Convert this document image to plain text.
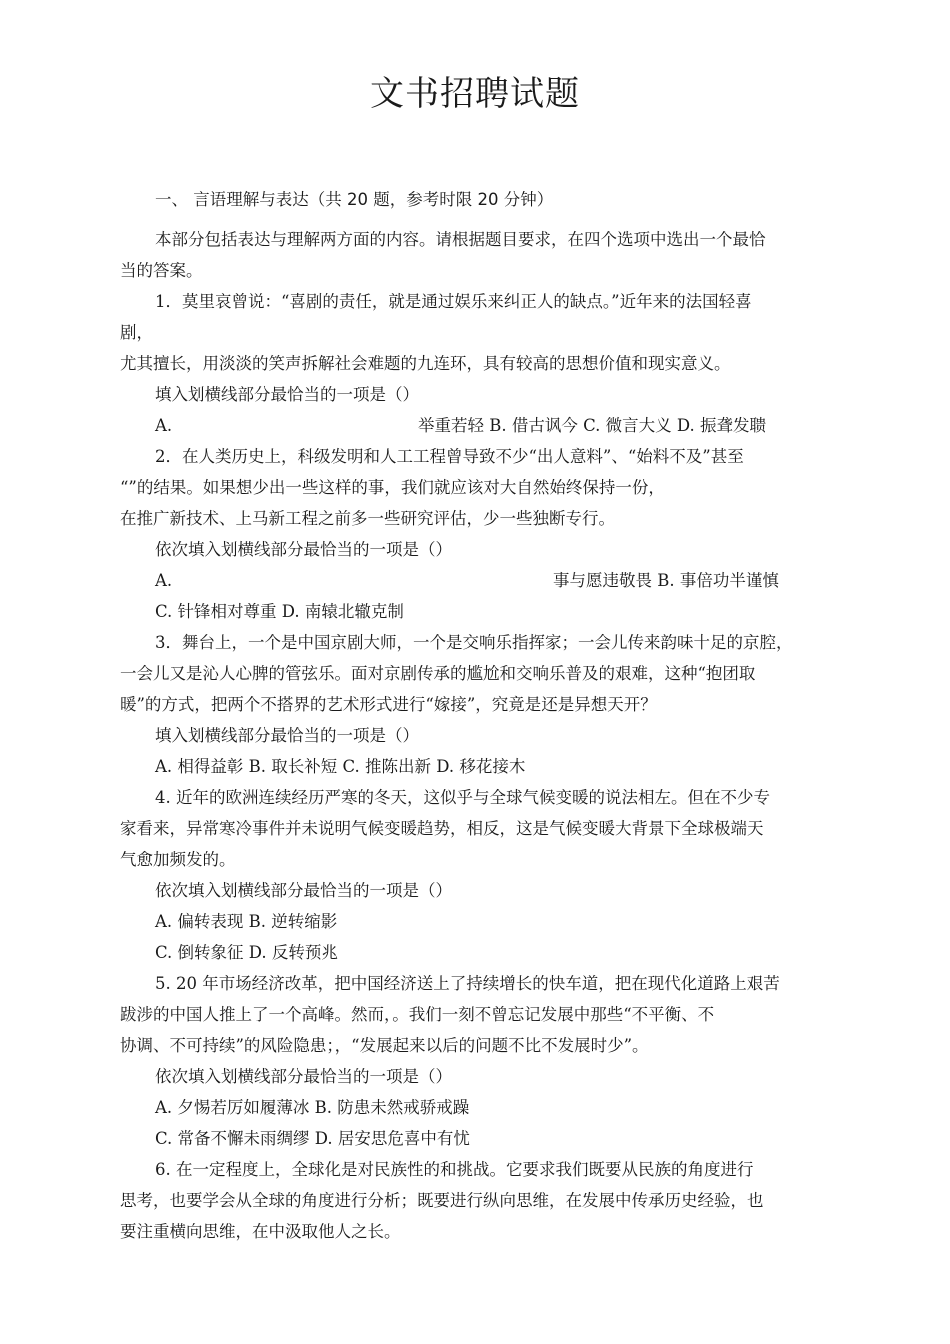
文书招聘试题
一、 言语理解与表达（共 20 题，参考时限 20 分钟）
本部分包括表达与理解两方面的内容。请根据题目要求，在四个选项中选出一个最恰
当的答案。
1．莫里哀曾说：“喜剧的责任，就是通过娱乐来纠正人的缺点。”近年来的法国轻喜
剧，
尤其擅长，用淡淡的笑声拆解社会难题的九连环，具有较高的思想价值和现实意义。
填入划横线部分最恰当的一项是（）
A.	举重若轻 B. 借古讽今 C. 微言大义 D. 振聋发聩
2．在人类历史上，科级发明和人工工程曾导致不少“出人意料”、“始料不及”甚至
“”的结果。如果想少出一些这样的事，我们就应该对大自然始终保持一份，
在推广新技术、上马新工程之前多一些研究评估，少一些独断专行。
依次填入划横线部分最恰当的一项是（）
A.	事与愿违敬畏 B. 事倍功半谨慎
C. 针锋相对尊重 D. 南辕北辙克制
3．舞台上，一个是中国京剧大师，一个是交响乐指挥家；一会儿传来韵味十足的京腔，
一会儿又是沁人心脾的管弦乐。面对京剧传承的尴尬和交响乐普及的艰难，这种“抱团取
暖”的方式，把两个不搭界的艺术形式进行“嫁接”，究竟是还是异想天开？
填入划横线部分最恰当的一项是（）
A. 相得益彰 B. 取长补短 C. 推陈出新 D. 移花接木
4. 近年的欧洲连续经历严寒的冬天，这似乎与全球气候变暖的说法相左。但在不少专
家看来，异常寒冷事件并未说明气候变暖趋势，相反，这是气候变暖大背景下全球极端天
气愈加频发的。
依次填入划横线部分最恰当的一项是（）
A. 偏转表现 B. 逆转缩影
C. 倒转象征 D. 反转预兆
5. 20 年市场经济改革，把中国经济送上了持续增长的快车道，把在现代化道路上艰苦
跋涉的中国人推上了一个高峰。然而，。我们一刻不曾忘记发展中那些“不平衡、不
协调、不可持续”的风险隐患；，“发展起来以后的问题不比不发展时少”。
依次填入划横线部分最恰当的一项是（）
A. 夕惕若厉如履薄冰 B. 防患未然戒骄戒躁
C. 常备不懈未雨绸缪 D. 居安思危喜中有忧
6. 在一定程度上，全球化是对民族性的和挑战。它要求我们既要从民族的角度进行
思考，也要学会从全球的角度进行分析；既要进行纵向思维，在发展中传承历史经验，也
要注重横向思维，在中汲取他人之长。
